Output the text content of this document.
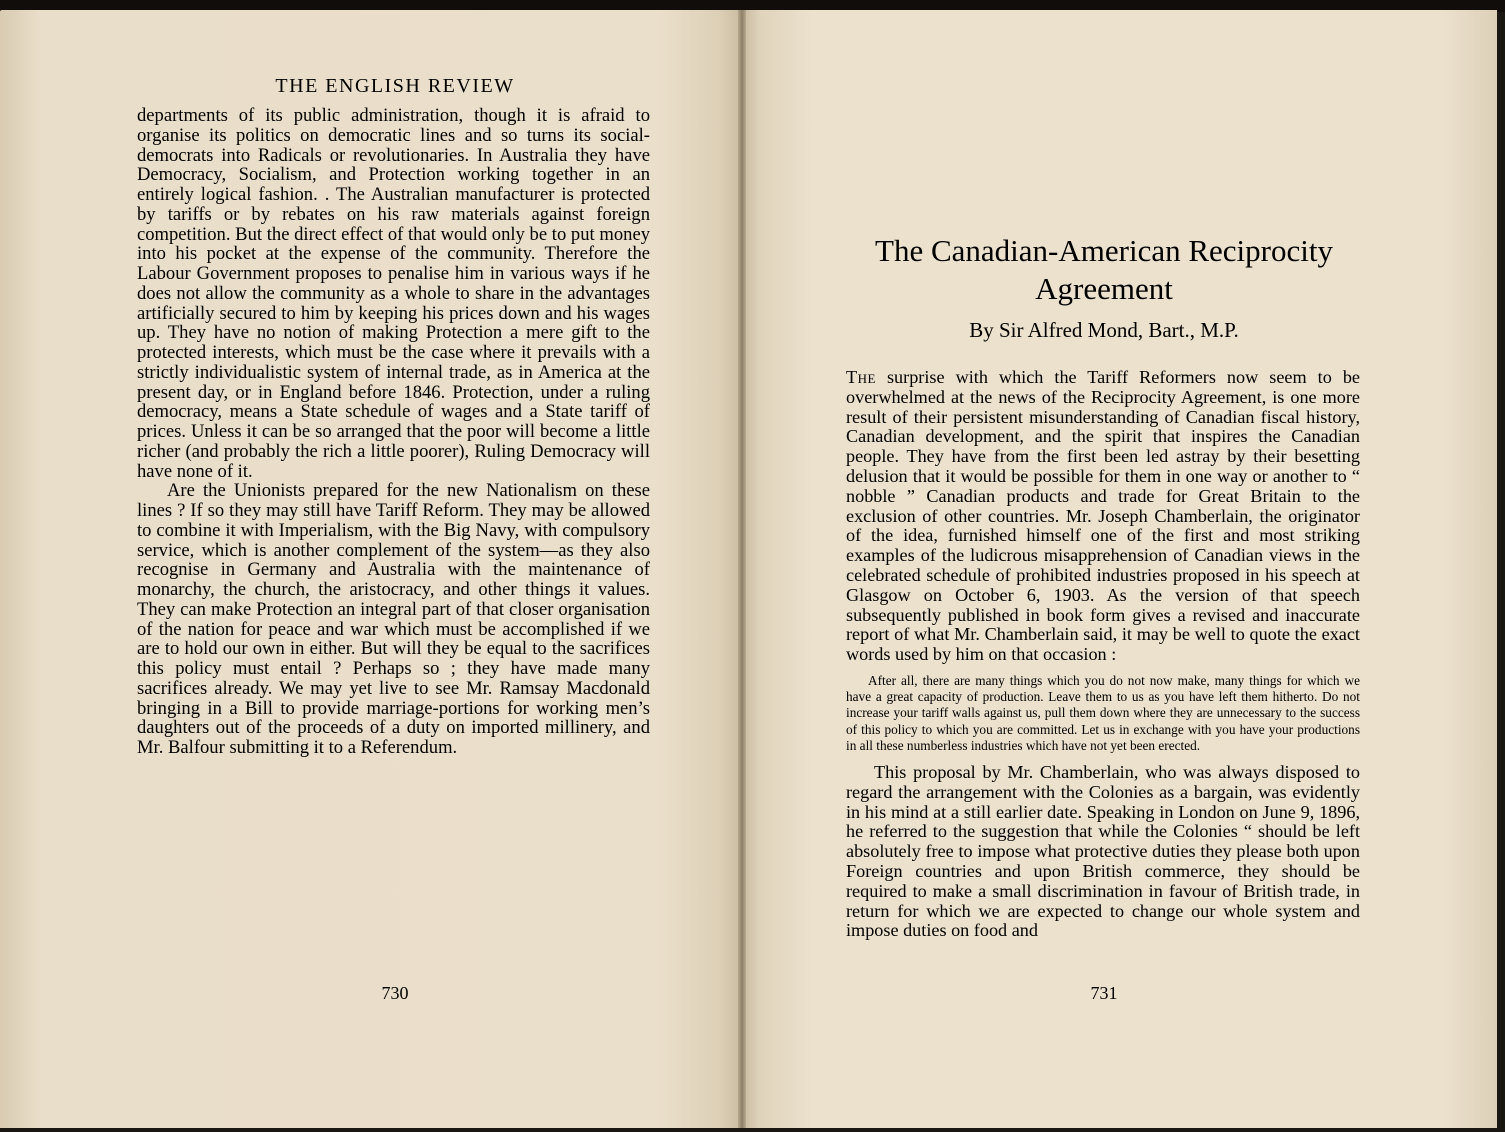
THE ENGLISH REVIEW

departments of its public administration, though it is afraid to organise its politics on democratic lines and so turns its social-democrats into Radicals or revolutionaries. In Australia they have Democracy, Socialism, and Protection working together in an entirely logical fashion. . The Australian manufacturer is protected by tariffs or by rebates on his raw materials against foreign competition. But the direct effect of that would only be to put money into his pocket at the expense of the community. Therefore the Labour Government proposes to penalise him in various ways if he does not allow the community as a whole to share in the advantages artificially secured to him by keeping his prices down and his wages up. They have no notion of making Protection a mere gift to the protected interests, which must be the case where it prevails with a strictly individualistic system of internal trade, as in America at the present day, or in England before 1846. Protection, under a ruling democracy, means a State schedule of wages and a State tariff of prices. Unless it can be so arranged that the poor will become a little richer (and probably the rich a little poorer), Ruling Democracy will have none of it.

Are the Unionists prepared for the new Nationalism on these lines ? If so they may still have Tariff Reform. They may be allowed to combine it with Imperialism, with the Big Navy, with compulsory service, which is another complement of the system—as they also recognise in Germany and Australia with the maintenance of monarchy, the church, the aristocracy, and other things it values. They can make Protection an integral part of that closer organisation of the nation for peace and war which must be accomplished if we are to hold our own in either. But will they be equal to the sacrifices this policy must entail ? Perhaps so ; they have made many sacrifices already. We may yet live to see Mr. Ramsay Macdonald bringing in a Bill to provide marriage-portions for working men’s daughters out of the proceeds of a duty on imported millinery, and Mr. Balfour submitting it to a Referendum.

730
The Canadian-American Reciprocity Agreement
By Sir Alfred Mond, Bart., M.P.

The surprise with which the Tariff Reformers now seem to be overwhelmed at the news of the Reciprocity Agreement, is one more result of their persistent misunderstanding of Canadian fiscal history, Canadian development, and the spirit that inspires the Canadian people. They have from the first been led astray by their besetting delusion that it would be possible for them in one way or another to “ nobble ” Canadian products and trade for Great Britain to the exclusion of other countries. Mr. Joseph Chamberlain, the originator of the idea, furnished himself one of the first and most striking examples of the ludicrous misapprehension of Canadian views in the celebrated schedule of prohibited industries proposed in his speech at Glasgow on October 6, 1903. As the version of that speech subsequently published in book form gives a revised and inaccurate report of what Mr. Chamberlain said, it may be well to quote the exact words used by him on that occasion :

After all, there are many things which you do not now make, many things for which we have a great capacity of production. Leave them to us as you have left them hitherto. Do not increase your tariff walls against us, pull them down where they are unnecessary to the success of this policy to which you are committed. Let us in exchange with you have your productions in all these numberless industries which have not yet been erected.

This proposal by Mr. Chamberlain, who was always disposed to regard the arrangement with the Colonies as a bargain, was evidently in his mind at a still earlier date. Speaking in London on June 9, 1896, he referred to the suggestion that while the Colonies “ should be left absolutely free to impose what protective duties they please both upon Foreign countries and upon British commerce, they should be required to make a small discrimination in favour of British trade, in return for which we are expected to change our whole system and impose duties on food and

731
